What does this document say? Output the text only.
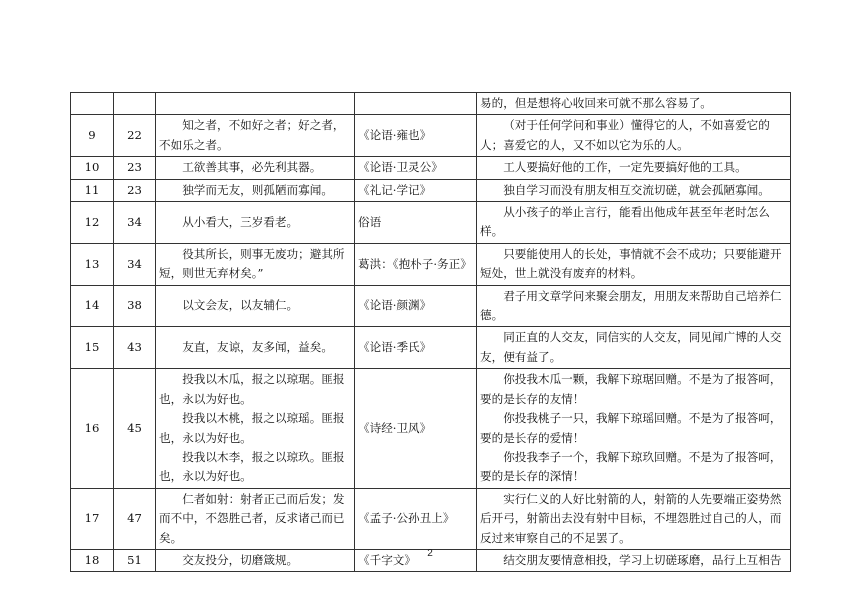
				易的，但是想将心收回来可就不那么容易了。

9	22	知之者，不如好之者；好之者，不如乐之者。	《论语·雍也》	（对于任何学问和事业）懂得它的人，不如喜爱它的人；喜爱它的人，又不如以它为乐的人。

10	23	工欲善其事，必先利其器。	《论语·卫灵公》	工人要搞好他的工作，一定先要搞好他的工具。

11	23	独学而无友，则孤陋而寡闻。	《礼记·学记》	独自学习而没有朋友相互交流切磋，就会孤陋寡闻。

12	34	从小看大，三岁看老。	俗语	从小孩子的举止言行，能看出他成年甚至年老时怎么样。

13	34	役其所长，则事无废功；避其所短，则世无弃材矣。”	葛洪：《抱朴子·务正》	只要能使用人的长处，事情就不会不成功；只要能避开短处，世上就没有废弃的材料。

14	38	以文会友，以友辅仁。	《论语·颜渊》	君子用文章学问来聚会朋友，用朋友来帮助自己培养仁德。

15	43	友直，友谅，友多闻，益矣。	《论语·季氏》	同正直的人交友，同信实的人交友，同见闻广博的人交友，便有益了。

16	45	投我以木瓜，报之以琼琚。匪报也，永以为好也。
投我以木桃，报之以琼瑶。匪报也，永以为好也。
投我以木李，报之以琼玖。匪报也，永以为好也。	《诗经·卫风》	你投我木瓜一颗，我解下琼琚回赠。不是为了报答呵，要的是长存的友情！
你投我桃子一只，我解下琼瑶回赠。不是为了报答呵，要的是长存的爱情！
你投我李子一个，我解下琼玖回赠。不是为了报答呵，要的是长存的深情！

17	47	仁者如射：射者正己而后发；发而不中，不怨胜己者，反求诸己而已矣。	《孟子·公孙丑上》	实行仁义的人好比射箭的人，射箭的人先要端正姿势然后开弓，射箭出去没有射中目标，不埋怨胜过自己的人，而反过来审察自己的不足罢了。

18	51	交友投分，切磨箴规。	《千字文》	结交朋友要情意相投，学习上切磋琢磨，品行上互相告
2
